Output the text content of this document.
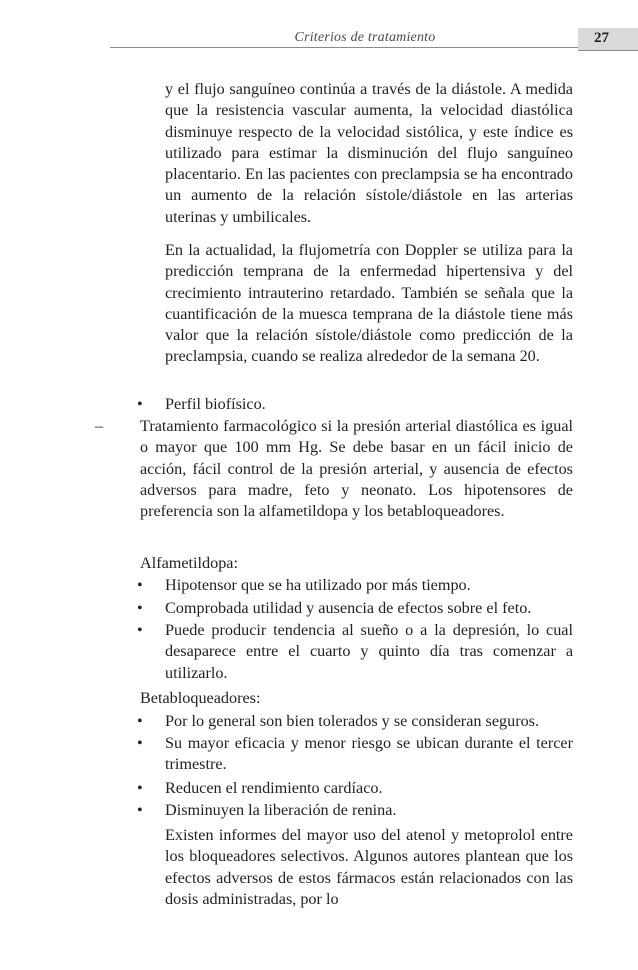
Criterios de tratamiento	27

y el flujo sanguíneo continúa a través de la diástole. A medida que la resistencia vascular aumenta, la velocidad diastólica disminuye respecto de la velocidad sistólica, y este índice es utilizado para estimar la disminución del flujo sanguíneo placentario. En las pacientes con preclampsia se ha encontrado un aumento de la relación sístole/diástole en las arterias uterinas y umbilicales.

En la actualidad, la flujometría con Doppler se utiliza para la predicción temprana de la enfermedad hipertensiva y del crecimiento intrauterino retardado. También se señala que la cuantificación de la muesca temprana de la diástole tiene más valor que la relación sístole/diástole como predicción de la preclampsia, cuando se realiza alrededor de la semana 20.

• Perfil biofísico.

– Tratamiento farmacológico si la presión arterial diastólica es igual o mayor que 100 mm Hg. Se debe basar en un fácil inicio de acción, fácil control de la presión arterial, y ausencia de efectos adversos para madre, feto y neonato. Los hipotensores de preferencia son la alfametildopa y los betabloqueadores.

Alfametildopa:

• Hipotensor que se ha utilizado por más tiempo.

• Comprobada utilidad y ausencia de efectos sobre el feto.

• Puede producir tendencia al sueño o a la depresión, lo cual desaparece entre el cuarto y quinto día tras comenzar a utilizarlo.

Betabloqueadores:

• Por lo general son bien tolerados y se consideran seguros.

• Su mayor eficacia y menor riesgo se ubican durante el tercer trimestre.

• Reducen el rendimiento cardíaco.

• Disminuyen la liberación de renina.

Existen informes del mayor uso del atenol y metoprolol entre los bloqueadores selectivos. Algunos autores plantean que los efectos adversos de estos fármacos están relacionados con las dosis administradas, por lo
